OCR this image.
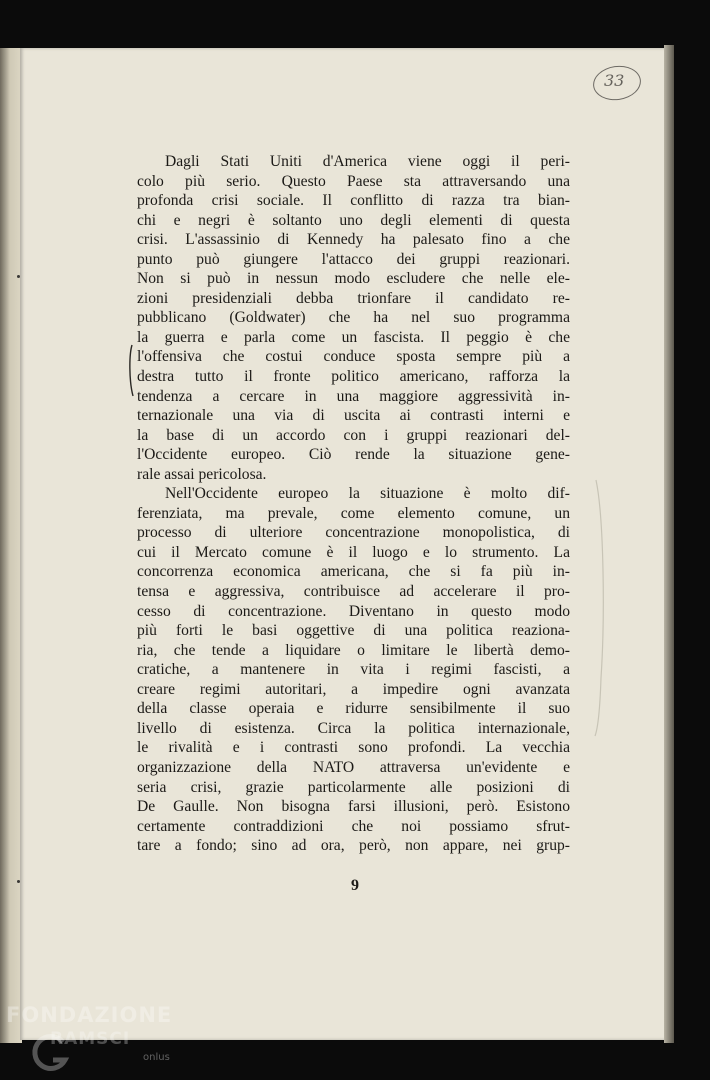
33
Dagli Stati Uniti d'America viene oggi il peri-
colo più serio. Questo Paese sta attraversando una
profonda crisi sociale. Il conflitto di razza tra bian-
chi e negri è soltanto uno degli elementi di questa
crisi. L'assassinio di Kennedy ha palesato fino a che
punto può giungere l'attacco dei gruppi reazionari.
Non si può in nessun modo escludere che nelle ele-
zioni presidenziali debba trionfare il candidato re-
pubblicano (Goldwater) che ha nel suo programma
la guerra e parla come un fascista. Il peggio è che
l'offensiva che costui conduce sposta sempre più a
destra tutto il fronte politico americano, rafforza la
tendenza a cercare in una maggiore aggressività in-
ternazionale una via di uscita ai contrasti interni e
la base di un accordo con i gruppi reazionari del-
l'Occidente europeo. Ciò rende la situazione gene-
rale assai pericolosa.
Nell'Occidente europeo la situazione è molto dif-
ferenziata, ma prevale, come elemento comune, un
processo di ulteriore concentrazione monopolistica, di
cui il Mercato comune è il luogo e lo strumento. La
concorrenza economica americana, che si fa più in-
tensa e aggressiva, contribuisce ad accelerare il pro-
cesso di concentrazione. Diventano in questo modo
più forti le basi oggettive di una politica reaziona-
ria, che tende a liquidare o limitare le libertà demo-
cratiche, a mantenere in vita i regimi fascisti, a
creare regimi autoritari, a impedire ogni avanzata
della classe operaia e ridurre sensibilmente il suo
livello di esistenza. Circa la politica internazionale,
le rivalità e i contrasti sono profondi. La vecchia
organizzazione della NATO attraversa un'evidente e
seria crisi, grazie particolarmente alle posizioni di
De Gaulle. Non bisogna farsi illusioni, però. Esistono
certamente contraddizioni che noi possiamo sfrut-
tare a fondo; sino ad ora, però, non appare, nei grup-
9
FONDAZIONE
RAMSCI
onlus
